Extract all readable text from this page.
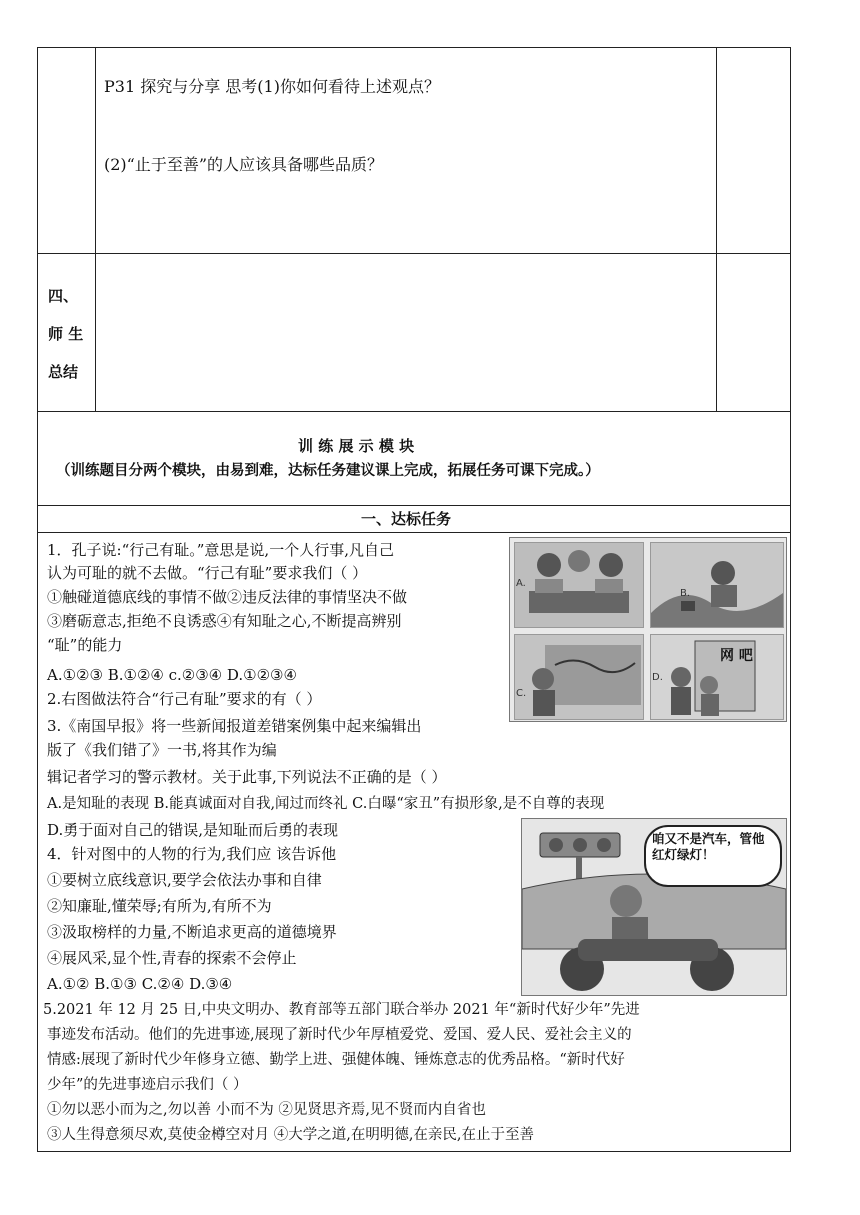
P31 探究与分享 思考(1)你如何看待上述观点？
(2)“止于至善”的人应该具备哪些品质？
四、
师 生
总结
训 练 展 示 模 块
（训练题目分两个模块，由易到难，达标任务建议课上完成，拓展任务可课下完成。）
一、达标任务
1．孔子说:“行己有耻。”意思是说,一个人行事,凡自己
认为可耻的就不去做。“行己有耻”要求我们（ ）
①触碰道德底线的事情不做②违反法律的事情坚决不做
③磨砺意志,拒绝不良诱惑④有知耻之心,不断提高辨别
“耻”的能力
A.①②③ B.①②④ c.②③④ D.①②③④
2.右图做法符合“行己有耻”要求的有（ ）
3.《南国早报》将一些新闻报道差错案例集中起来编辑出
版了《我们错了》一书,将其作为编
辑记者学习的警示教材。关于此事,下列说法不正确的是（ ）
A.是知耻的表现 B.能真诚面对自我,闻过而终礼 C.白曝“家丑”有损形象,是不自尊的表现
D.勇于面对自己的错误,是知耻而后勇的表现
4．针对图中的人物的行为,我们应 该告诉他
①要树立底线意识,要学会依法办事和自律
②知廉耻,懂荣辱;有所为,有所不为
③汲取榜样的力量,不断追求更高的道德境界
④展风采,显个性,青春的探索不会停止
A.①② B.①③ C.②④ D.③④
5.2021 年 12 月 25 日,中央文明办、教育部等五部门联合举办 2021 年“新时代好少年”先进
事迹发布活动。他们的先进事迹,展现了新时代少年厚植爱党、爱国、爱人民、爱社会主义的
情感:展现了新时代少年修身立德、勤学上进、强健体魄、锤炼意志的优秀品格。“新时代好
少年”的先进事迹启示我们（ ）
①勿以恶小而为之,勿以善 小而不为 ②见贤思齐焉,见不贤而内自省也
③人生得意须尽欢,莫使金樽空对月 ④大学之道,在明明德,在亲民,在止于至善
A.
B.
C.
网 吧
D.
咱又不是汽车，管他红灯绿灯！
